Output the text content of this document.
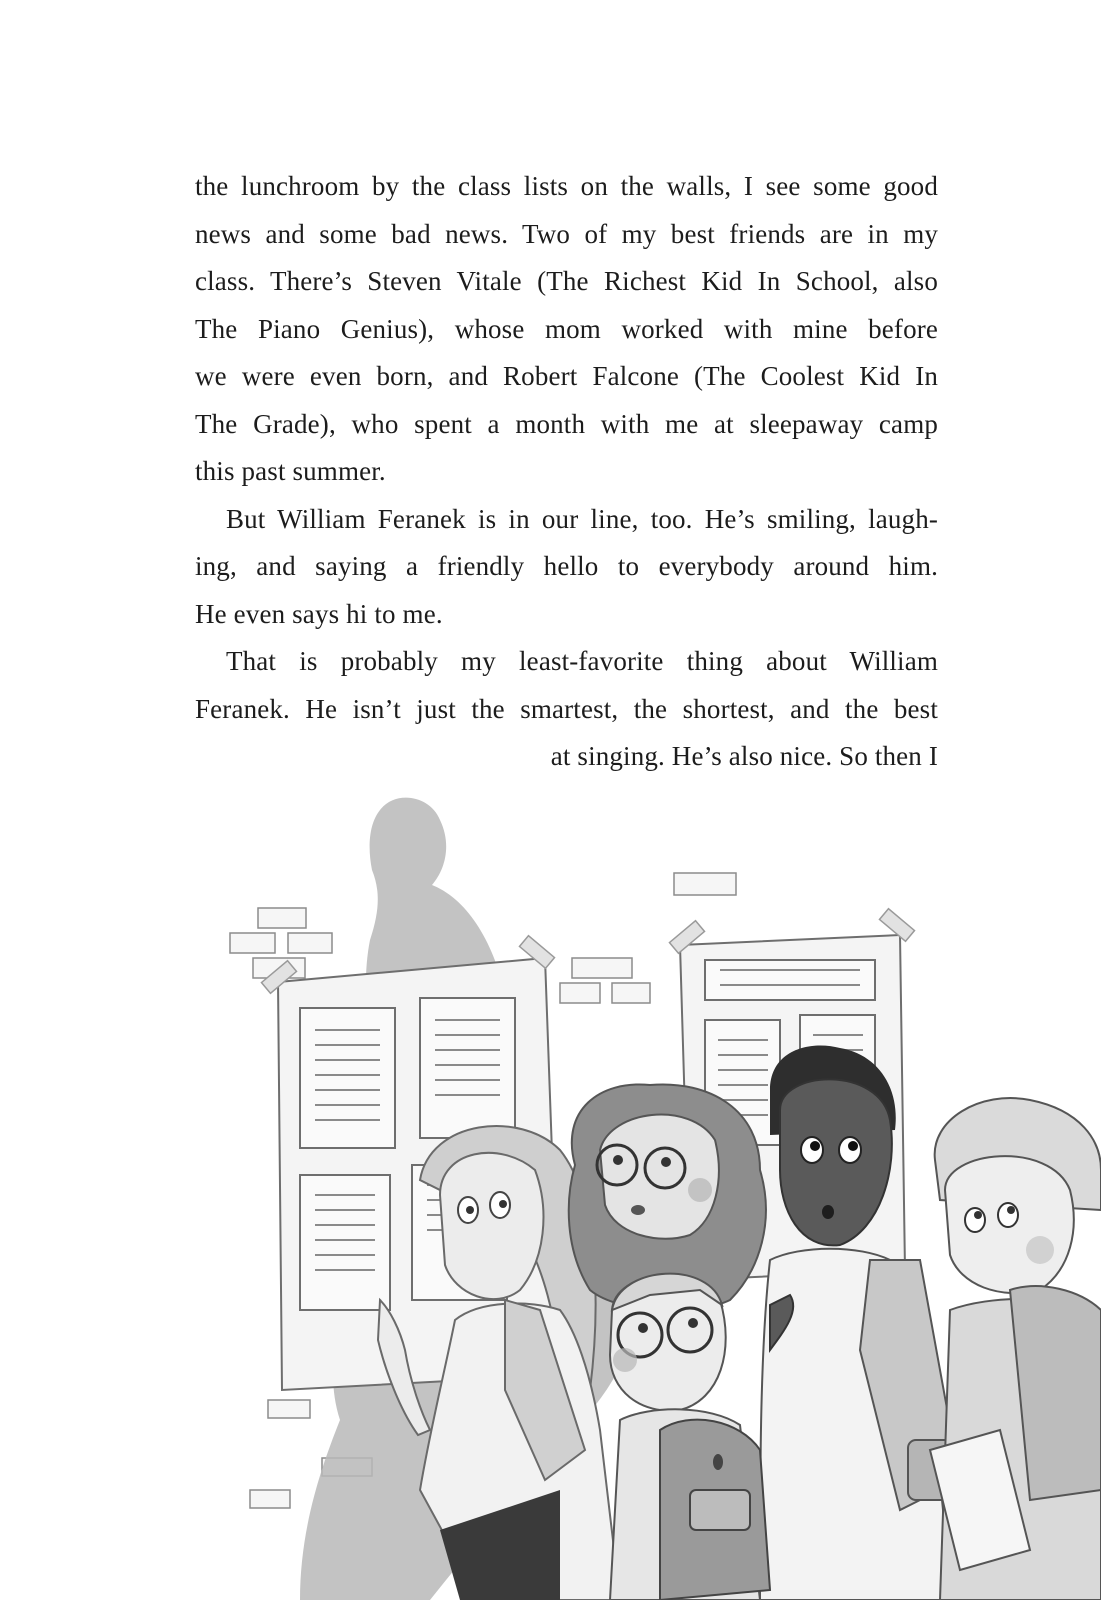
the lunchroom by the class lists on the walls, I see some good
news and some bad news. Two of my best friends are in my
class. There’s Steven Vitale (The Richest Kid In School, also
The Piano Genius), whose mom worked with mine before
we were even born, and Robert Falcone (The Coolest Kid In
The Grade), who spent a month with me at sleepaway camp
this past summer.
But William Feranek is in our line, too. He’s smiling, laugh-
ing, and saying a friendly hello to everybody around him.
He even says hi to me.
That is probably my least-favorite thing about William
Feranek. He isn’t just the smartest, the shortest, and the best
at singing. He’s also nice. So then I
